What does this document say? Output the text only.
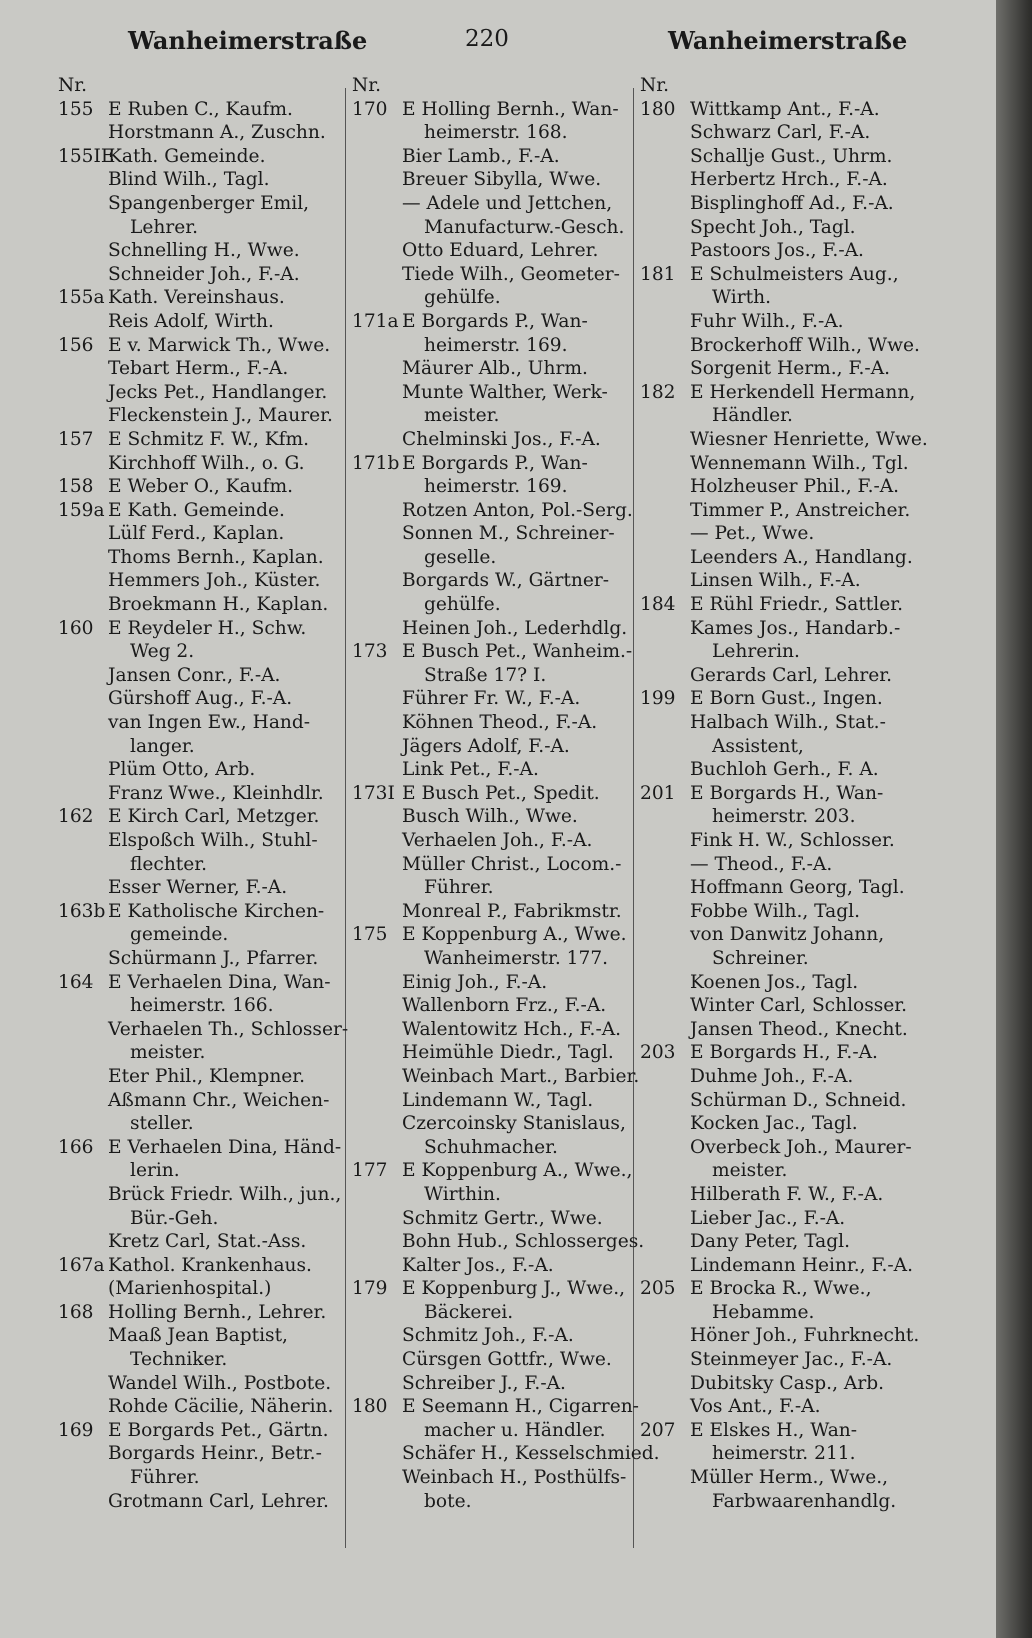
Wanheimerstraße	220	Wanheimerstraße
Nr.
155 E Ruben C., Kaufm.
Horstmann A., Zuschn.
155IEKath. Gemeinde.
Blind Wilh., Tagl.
Spangenberger Emil,
Lehrer.
Schnelling H., Wwe.
Schneider Joh., F.-A.
155a Kath. Vereinshaus.
Reis Adolf, Wirth.
156 E v. Marwick Th., Wwe.
Tebart Herm., F.-A.
Jecks Pet., Handlanger.
Fleckenstein J., Maurer.
157 E Schmitz F. W., Kfm.
Kirchhoff Wilh., o. G.
158 E Weber O., Kaufm.
159a E Kath. Gemeinde.
Lülf Ferd., Kaplan.
Thoms Bernh., Kaplan.
Hemmers Joh., Küster.
Broekmann H., Kaplan.
160 E Reydeler H., Schw.
Weg 2.
Jansen Conr., F.-A.
Gürshoff Aug., F.-A.
van Ingen Ew., Hand-
langer.
Plüm Otto, Arb.
Franz Wwe., Kleinhdlr.
162 E Kirch Carl, Metzger.
Elspoßch Wilh., Stuhl-
flechter.
Esser Werner, F.-A.
163b E Katholische Kirchen-
gemeinde.
Schürmann J., Pfarrer.
164 E Verhaelen Dina, Wan-
heimerstr. 166.
Verhaelen Th., Schlosser-
meister.
Eter Phil., Klempner.
Aßmann Chr., Weichen-
steller.
166 E Verhaelen Dina, Händ-
lerin.
Brück Friedr. Wilh., jun.,
Bür.-Geh.
Kretz Carl, Stat.-Ass.
167a Kathol. Krankenhaus.
(Marienhospital.)
168 Holling Bernh., Lehrer.
Maaß Jean Baptist,
Techniker.
Wandel Wilh., Postbote.
Rohde Cäcilie, Näherin.
169 E Borgards Pet., Gärtn.
Borgards Heinr., Betr.-
Führer.
Grotmann Carl, Lehrer.
Nr.
170 E Holling Bernh., Wan-
heimerstr. 168.
Bier Lamb., F.-A.
Breuer Sibylla, Wwe.
— Adele und Jettchen,
Manufacturw.-Gesch.
Otto Eduard, Lehrer.
Tiede Wilh., Geometer-
gehülfe.
171a E Borgards P., Wan-
heimerstr. 169.
Mäurer Alb., Uhrm.
Munte Walther, Werk-
meister.
Chelminski Jos., F.-A.
171b E Borgards P., Wan-
heimerstr. 169.
Rotzen Anton, Pol.-Serg.
Sonnen M., Schreiner-
geselle.
Borgards W., Gärtner-
gehülfe.
Heinen Joh., Lederhdlg.
173 E Busch Pet., Wanheim.-
Straße 17? I.
Führer Fr. W., F.-A.
Köhnen Theod., F.-A.
Jägers Adolf, F.-A.
Link Pet., F.-A.
173I E Busch Pet., Spedit.
Busch Wilh., Wwe.
Verhaelen Joh., F.-A.
Müller Christ., Locom.-
Führer.
Monreal P., Fabrikmstr.
175 E Koppenburg A., Wwe.
Wanheimerstr. 177.
Einig Joh., F.-A.
Wallenborn Frz., F.-A.
Walentowitz Hch., F.-A.
Heimühle Diedr., Tagl.
Weinbach Mart., Barbier.
Lindemann W., Tagl.
Czercoinsky Stanislaus,
Schuhmacher.
177 E Koppenburg A., Wwe.,
Wirthin.
Schmitz Gertr., Wwe.
Bohn Hub., Schlosserges.
Kalter Jos., F.-A.
179 E Koppenburg J., Wwe.,
Bäckerei.
Schmitz Joh., F.-A.
Cürsgen Gottfr., Wwe.
Schreiber J., F.-A.
180 E Seemann H., Cigarren-
macher u. Händler.
Schäfer H., Kesselschmied.
Weinbach H., Posthülfs-
bote.
Nr.
180 Wittkamp Ant., F.-A.
Schwarz Carl, F.-A.
Schallje Gust., Uhrm.
Herbertz Hrch., F.-A.
Bisplinghoff Ad., F.-A.
Specht Joh., Tagl.
Pastoors Jos., F.-A.
181 E Schulmeisters Aug.,
Wirth.
Fuhr Wilh., F.-A.
Brockerhoff Wilh., Wwe.
Sorgenit Herm., F.-A.
182 E Herkendell Hermann,
Händler.
Wiesner Henriette, Wwe.
Wennemann Wilh., Tgl.
Holzheuser Phil., F.-A.
Timmer P., Anstreicher.
— Pet., Wwe.
Leenders A., Handlang.
Linsen Wilh., F.-A.
184 E Rühl Friedr., Sattler.
Kames Jos., Handarb.-
Lehrerin.
Gerards Carl, Lehrer.
199 E Born Gust., Ingen.
Halbach Wilh., Stat.-
Assistent,
Buchloh Gerh., F. A.
201 E Borgards H., Wan-
heimerstr. 203.
Fink H. W., Schlosser.
— Theod., F.-A.
Hoffmann Georg, Tagl.
Fobbe Wilh., Tagl.
von Danwitz Johann,
Schreiner.
Koenen Jos., Tagl.
Winter Carl, Schlosser.
Jansen Theod., Knecht.
203 E Borgards H., F.-A.
Duhme Joh., F.-A.
Schürman D., Schneid.
Kocken Jac., Tagl.
Overbeck Joh., Maurer-
meister.
Hilberath F. W., F.-A.
Lieber Jac., F.-A.
Dany Peter, Tagl.
Lindemann Heinr., F.-A.
205 E Brocka R., Wwe.,
Hebamme.
Höner Joh., Fuhrknecht.
Steinmeyer Jac., F.-A.
Dubitsky Casp., Arb.
Vos Ant., F.-A.
207 E Elskes H., Wan-
heimerstr. 211.
Müller Herm., Wwe.,
Farbwaarenhandlg.
